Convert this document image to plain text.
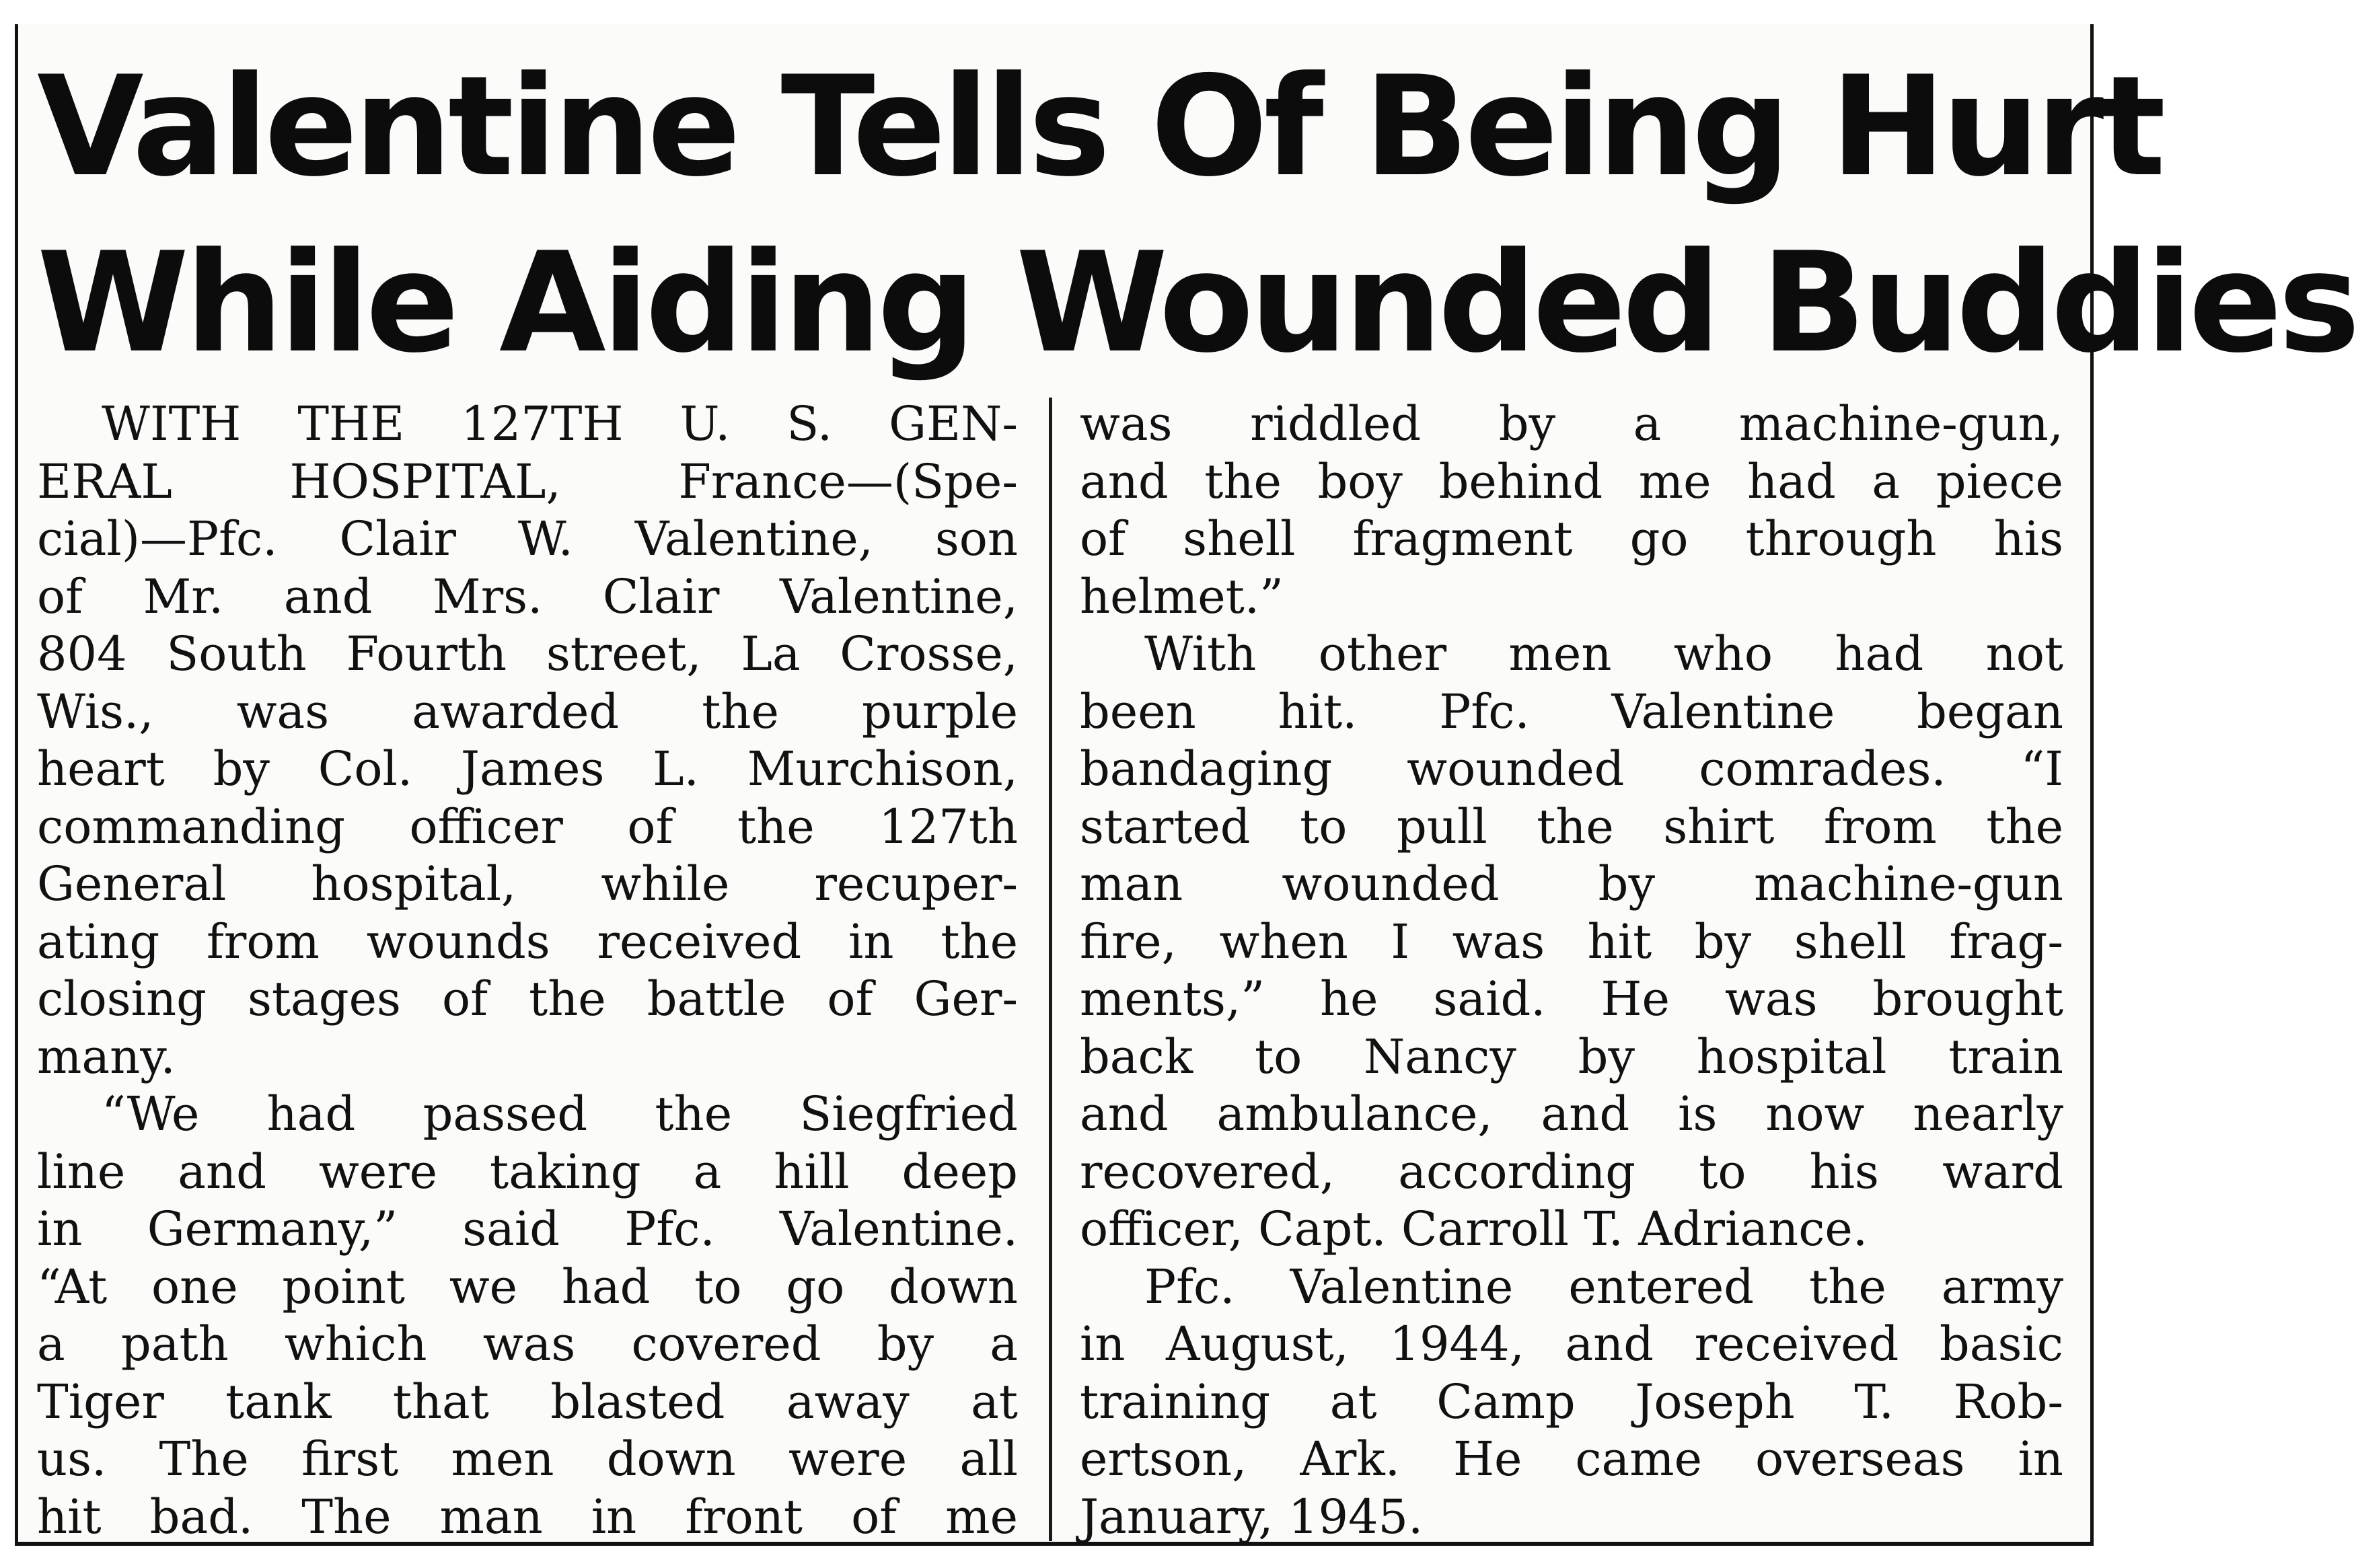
Valentine Tells Of Being Hurt
While Aiding Wounded Buddies
WITH THE 127TH U. S. GEN-
ERAL HOSPITAL, France—(Spe-
cial)—Pfc. Clair W. Valentine, son
of Mr. and Mrs. Clair Valentine,
804 South Fourth street, La Crosse,
Wis., was awarded the purple
heart by Col. James L. Murchison,
commanding officer of the 127th
General hospital, while recuper-
ating from wounds received in the
closing stages of the battle of Ger-
many.
“We had passed the Siegfried
line and were taking a hill deep
in Germany,” said Pfc. Valentine.
“At one point we had to go down
a path which was covered by a
Tiger tank that blasted away at
us. The first men down were all
hit bad. The man in front of me
was riddled by a machine-gun,
and the boy behind me had a piece
of shell fragment go through his
helmet.”
With other men who had not
been hit. Pfc. Valentine began
bandaging wounded comrades. “I
started to pull the shirt from the
man wounded by machine-gun
fire, when I was hit by shell frag-
ments,” he said. He was brought
back to Nancy by hospital train
and ambulance, and is now nearly
recovered, according to his ward
officer, Capt. Carroll T. Adriance.
Pfc. Valentine entered the army
in August, 1944, and received basic
training at Camp Joseph T. Rob-
ertson, Ark. He came overseas in
January, 1945.
